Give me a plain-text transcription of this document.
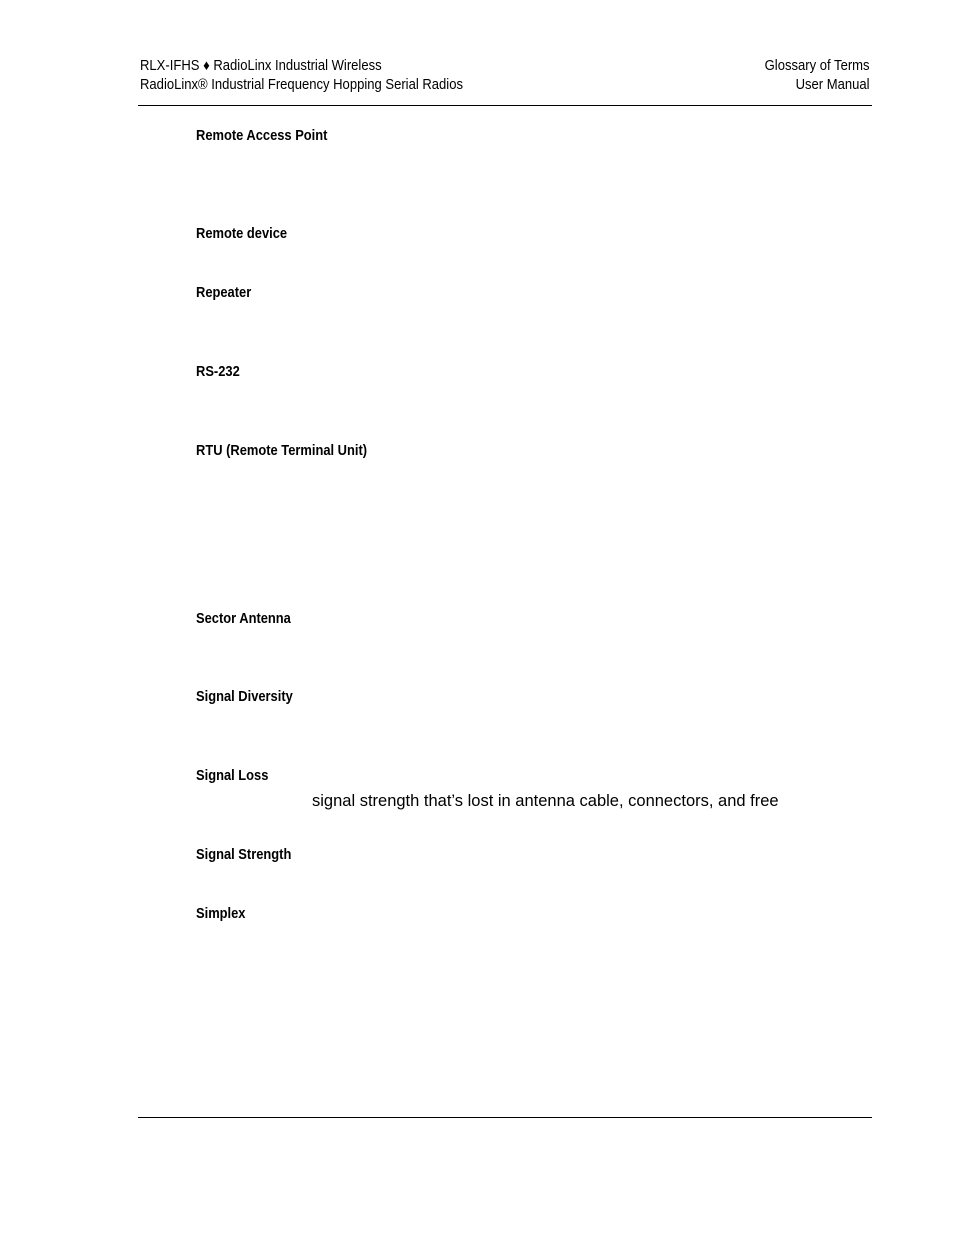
RLX-IFHS ♦ RadioLinx Industrial Wireless
RadioLinx® Industrial Frequency Hopping Serial Radios
Glossary of Terms
User Manual
Remote Access Point
Remote device
Repeater
RS-232
RTU (Remote Terminal Unit)
Sector Antenna
Signal Diversity
Signal Loss
signal strength that’s lost in antenna cable, connectors, and free
Signal Strength
Simplex
